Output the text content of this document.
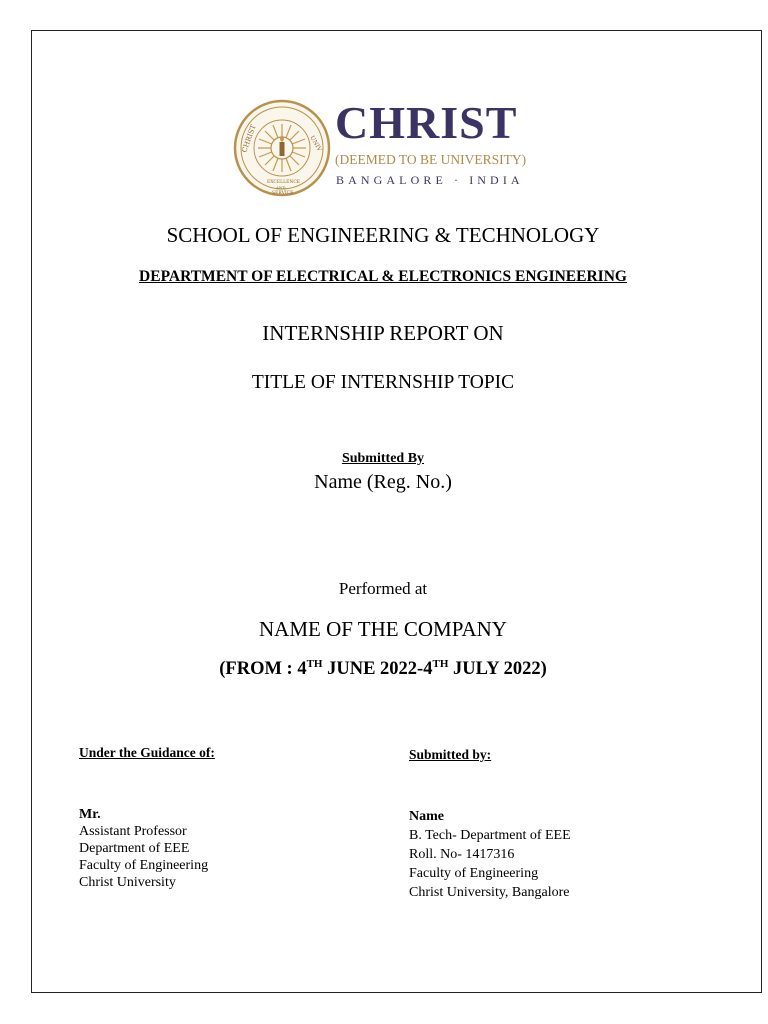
CHRIST	UNIV
EXCELLENCE
AND
SERVICE
CHRIST
(DEEMED TO BE UNIVERSITY)
BANGALORE · INDIA
SCHOOL OF ENGINEERING & TECHNOLOGY
DEPARTMENT OF ELECTRICAL & ELECTRONICS ENGINEERING
INTERNSHIP REPORT ON
TITLE OF INTERNSHIP TOPIC
Submitted By
Name (Reg. No.)
Performed at
NAME OF THE COMPANY
(FROM : 4TH JUNE 2022-4TH JULY 2022)
Under the Guidance of:	Submitted by:
Mr.
Assistant Professor
Department of EEE
Faculty of Engineering
Christ University
Name
B. Tech- Department of EEE
Roll. No- 1417316
Faculty of Engineering
Christ University, Bangalore
